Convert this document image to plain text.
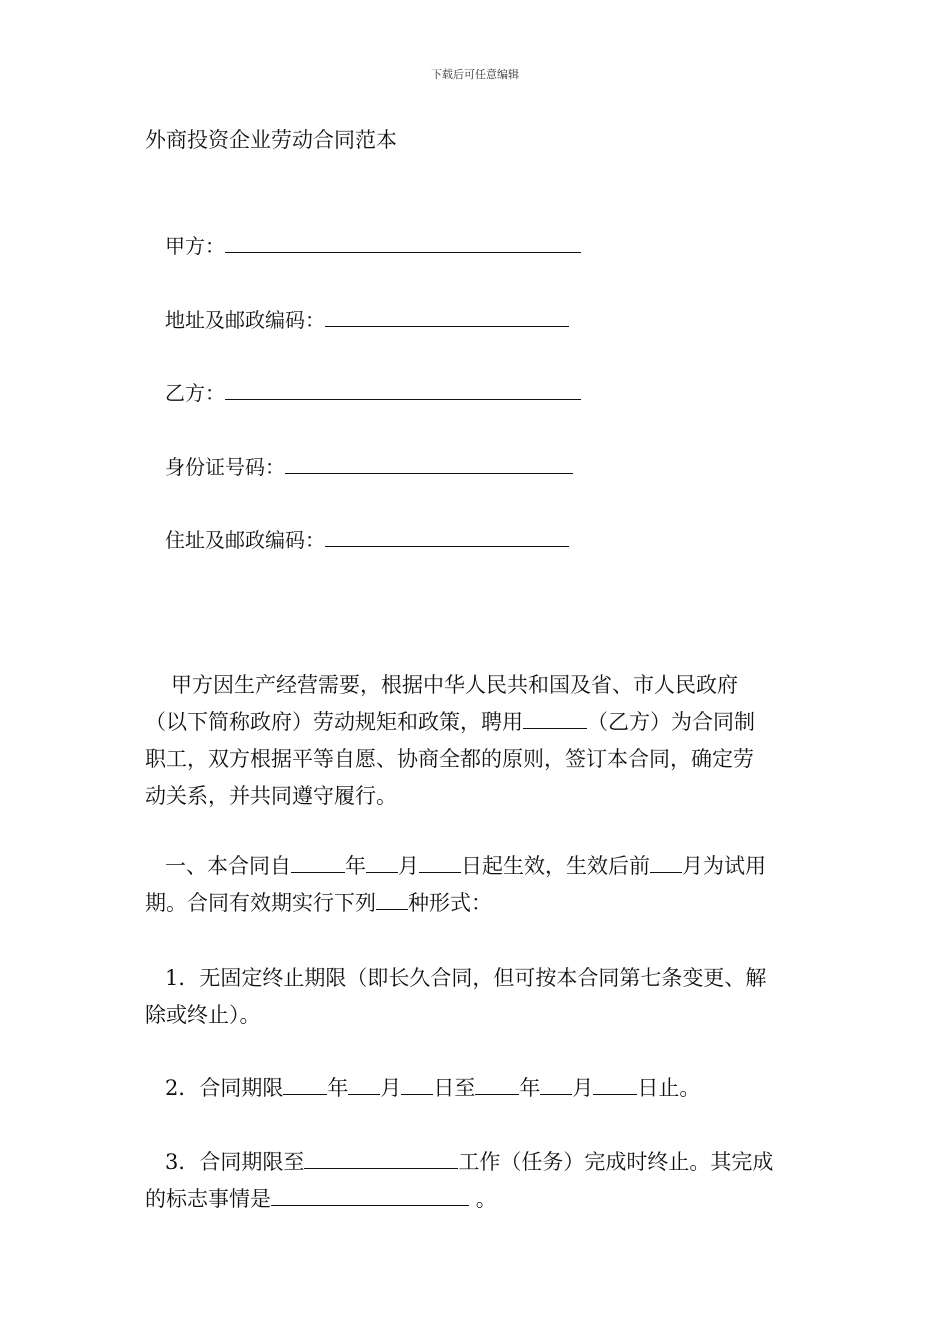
下载后可任意编辑
外商投资企业劳动合同范本
甲方：
地址及邮政编码：
乙方：
身份证号码：
住址及邮政编码：
甲方因生产经营需要，根据中华人民共和国及省、市人民政府
（以下简称政府）劳动规矩和政策，聘用	（乙方）为合同制
职工，双方根据平等自愿、协商全都的原则，签订本合同，确定劳
动关系，并共同遵守履行。
一、本合同自	年 月 日起生效，生效后前 月为试用
期。合同有效期实行下列 种形式：
1．无固定终止期限（即长久合同，但可按本合同第七条变更、解
除或终止）。
2．合同期限 年 月 日至 年 月 日止。
3．合同期限至	工作（任务）完成时终止。其完成
的标志事情是	。
